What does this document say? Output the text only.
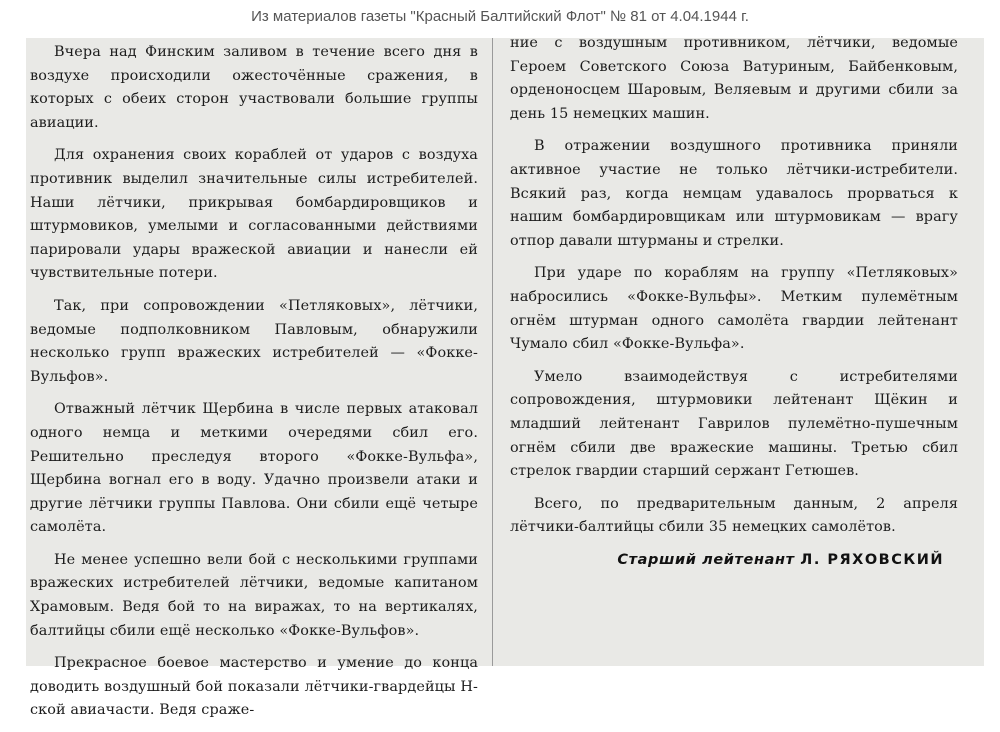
Из материалов газеты "Красный Балтийский Флот" № 81 от 4.04.1944 г.

Вчера над Финским заливом в течение всего дня в воздухе происходили ожесточённые сражения, в которых с обеих сторон участвовали большие группы авиации.

Для охранения своих кораблей от ударов с воздуха противник выделил значительные силы истребителей. Наши лётчики, прикрывая бомбардировщиков и штурмовиков, умелыми и согласованными действиями парировали удары вражеской авиации и нанесли ей чувствительные потери.

Так, при сопровождении «Петляковых», лётчики, ведомые подполковником Павловым, обнаружили несколько групп вражеских истребителей — «Фокке-Вульфов».

Отважный лётчик Щербина в числе первых атаковал одного немца и меткими очередями сбил его. Решительно преследуя второго «Фокке-Вульфа», Щербина вогнал его в воду. Удачно произвели атаки и другие лётчики группы Павлова. Они сбили ещё четыре самолёта.

Не менее успешно вели бой с несколькими группами вражеских истребителей лётчики, ведомые капитаном Храмовым. Ведя бой то на виражах, то на вертикалях, балтийцы сбили ещё несколько «Фокке-Вульфов».

Прекрасное боевое мастерство и умение до конца доводить воздушный бой показали лётчики-гвардейцы Н-ской авиачасти. Ведя сраже-

ние с воздушным противником, лётчики, ведомые Героем Советского Союза Ватуриным, Байбенковым, орденоносцем Шаровым, Веляевым и другими сбили за день 15 немецких машин.

В отражении воздушного противника приняли активное участие не только лётчики-истребители. Всякий раз, когда немцам удавалось прорваться к нашим бомбардировщикам или штурмовикам — врагу отпор давали штурманы и стрелки.

При ударе по кораблям на группу «Петляковых» набросились «Фокке-Вульфы». Метким пулемётным огнём штурман одного самолёта гвардии лейтенант Чумало сбил «Фокке-Вульфа».

Умело взаимодействуя с истребителями сопровождения, штурмовики лейтенант Щёкин и младший лейтенант Гаврилов пулемётно-пушечным огнём сбили две вражеские машины. Третью сбил стрелок гвардии старший сержант Гетюшев.

Всего, по предварительным данным, 2 апреля лётчики-балтийцы сбили 35 немецких самолётов.

Старший лейтенант Л. РЯХОВСКИЙ
